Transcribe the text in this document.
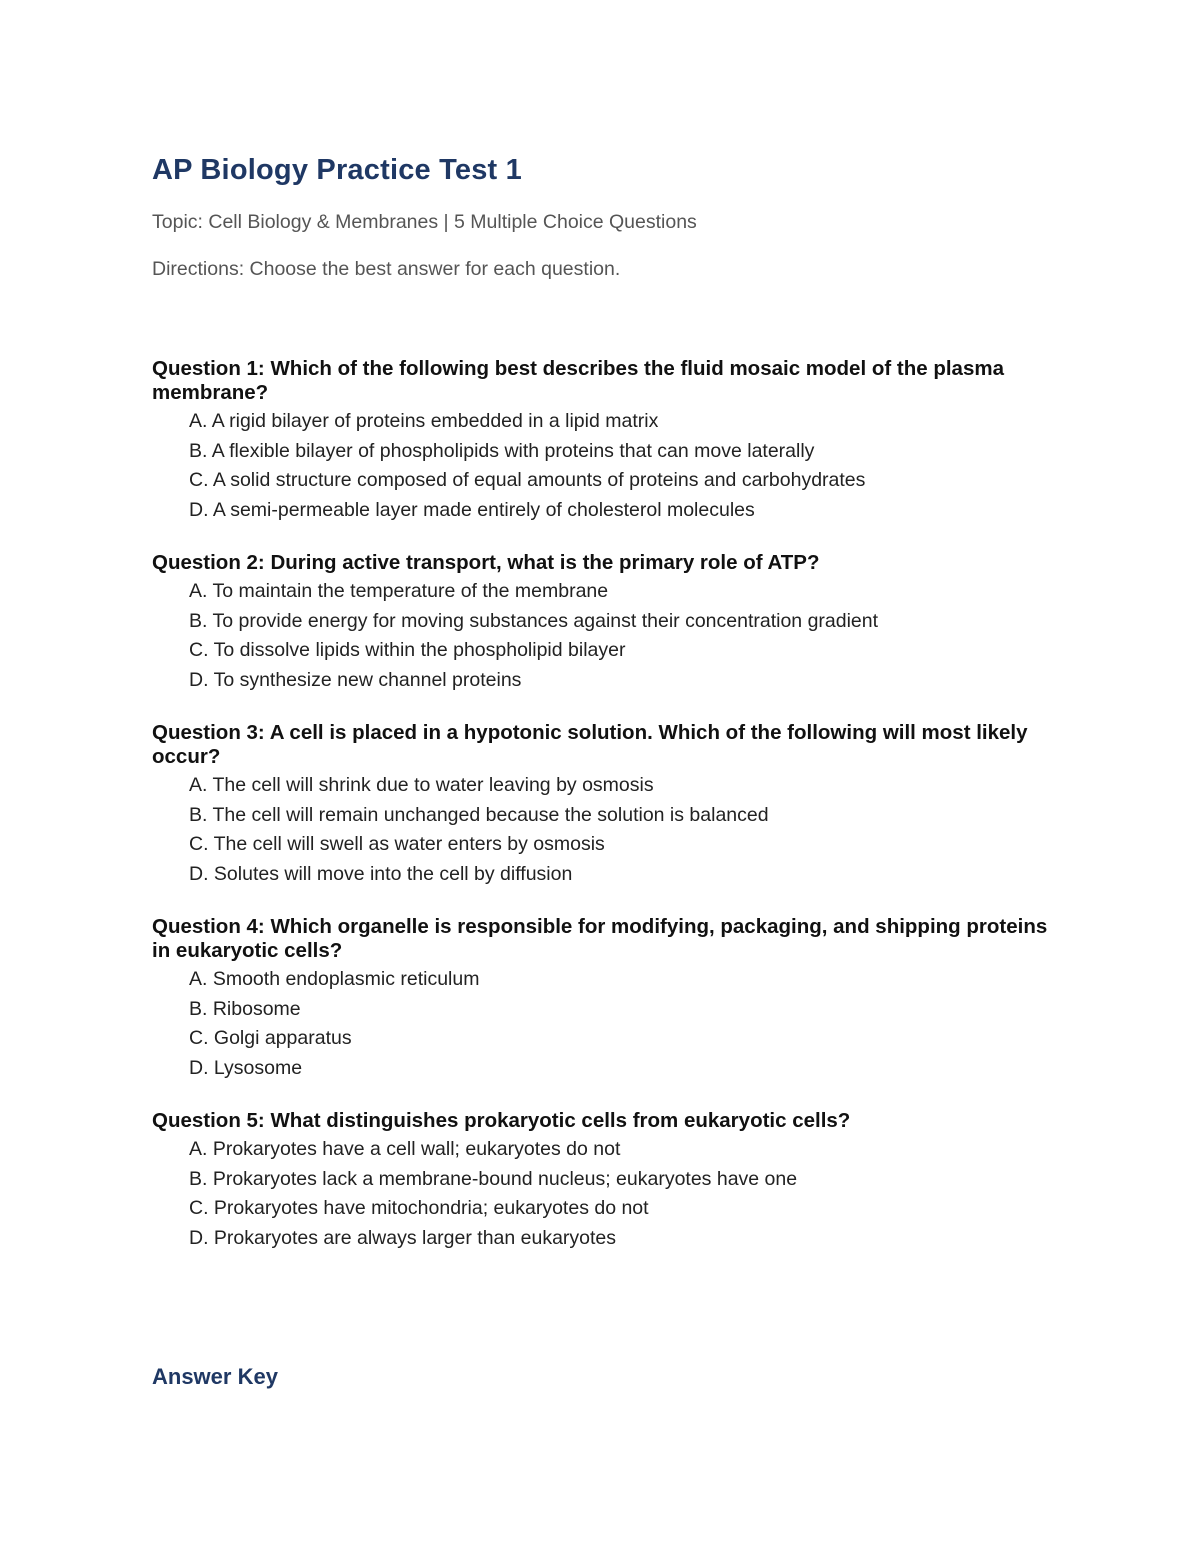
AP Biology Practice Test 1

Topic: Cell Biology & Membranes | 5 Multiple Choice Questions

Directions: Choose the best answer for each question.

Question 1: Which of the following best describes the fluid mosaic model of the plasma membrane?

A. A rigid bilayer of proteins embedded in a lipid matrix
B. A flexible bilayer of phospholipids with proteins that can move laterally
C. A solid structure composed of equal amounts of proteins and carbohydrates
D. A semi-permeable layer made entirely of cholesterol molecules

Question 2: During active transport, what is the primary role of ATP?

A. To maintain the temperature of the membrane
B. To provide energy for moving substances against their concentration gradient
C. To dissolve lipids within the phospholipid bilayer
D. To synthesize new channel proteins

Question 3: A cell is placed in a hypotonic solution. Which of the following will most likely occur?

A. The cell will shrink due to water leaving by osmosis
B. The cell will remain unchanged because the solution is balanced
C. The cell will swell as water enters by osmosis
D. Solutes will move into the cell by diffusion

Question 4: Which organelle is responsible for modifying, packaging, and shipping proteins in eukaryotic cells?

A. Smooth endoplasmic reticulum
B. Ribosome
C. Golgi apparatus
D. Lysosome

Question 5: What distinguishes prokaryotic cells from eukaryotic cells?

A. Prokaryotes have a cell wall; eukaryotes do not
B. Prokaryotes lack a membrane-bound nucleus; eukaryotes have one
C. Prokaryotes have mitochondria; eukaryotes do not
D. Prokaryotes are always larger than eukaryotes
Answer Key
